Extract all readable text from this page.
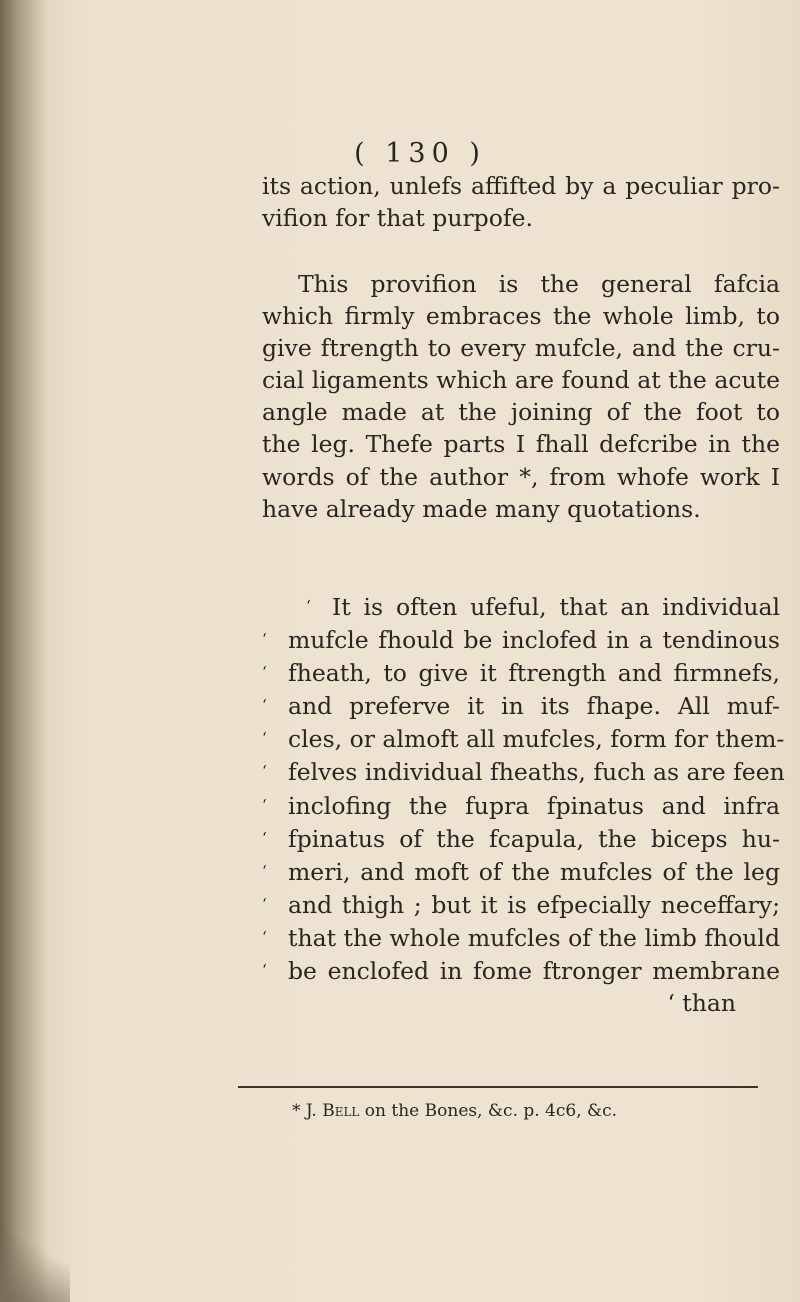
( 130 )
its action, unlefs affifted by a peculiar pro-
vifion for that purpofe.
This provifion is the general fafcia
which firmly embraces the whole limb, to
give ftrength to every mufcle, and the cru-
cial ligaments which are found at the acute
angle made at the joining of the foot to
the leg. Thefe parts I fhall defcribe in the
words of the author *, from whofe work I
have already made many quotations.
‘ It is often ufeful, that an individual
‘ mufcle fhould be inclofed in a tendinous
‘ fheath, to give it ftrength and firmnefs,
‘ and preferve it in its fhape. All muf-
‘ cles, or almoft all mufcles, form for them-
‘ felves individual fheaths, fuch as are feen
‘ inclofing the fupra fpinatus and infra
‘ fpinatus of the fcapula, the biceps hu-
‘ meri, and moft of the mufcles of the leg
‘ and thigh ; but it is efpecially neceffary;
‘ that the whole mufcles of the limb fhould
‘ be enclofed in fome ftronger membrane
‘ than
* J. Bell on the Bones, &c. p. 4c6, &c.
